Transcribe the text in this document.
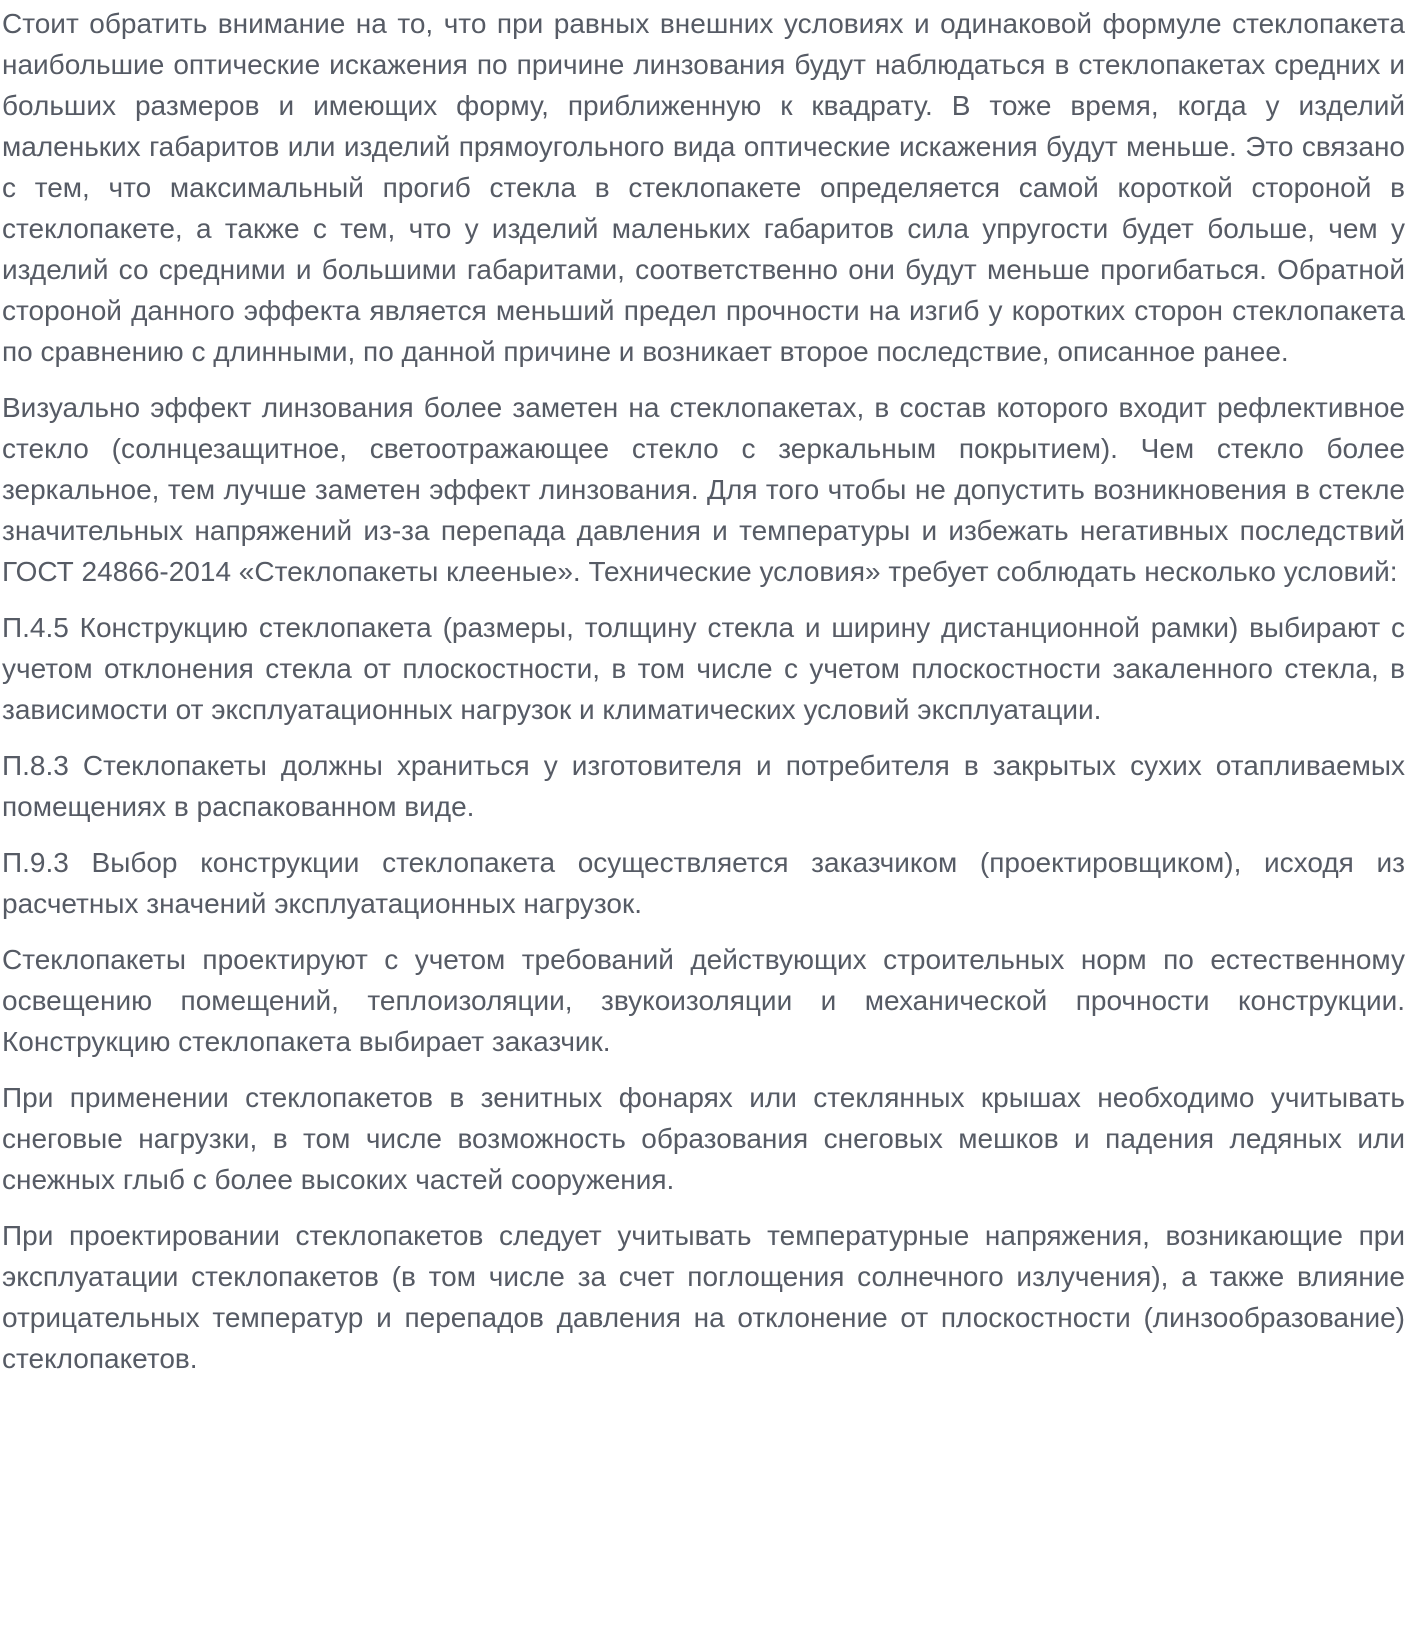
Стоит обратить внимание на то, что при равных внешних условиях и одинаковой формуле стеклопакета наибольшие оптические искажения по причине линзования будут наблюдаться в стеклопакетах средних и больших размеров и имеющих форму, приближенную к квадрату. В тоже время, когда у изделий маленьких габаритов или изделий прямоугольного вида оптические искажения будут меньше. Это связано с тем, что максимальный прогиб стекла в стеклопакете определяется самой короткой стороной в стеклопакете, а также с тем, что у изделий маленьких габаритов сила упругости будет больше, чем у изделий со средними и большими габаритами, соответственно они будут меньше прогибаться. Обратной стороной данного эффекта является меньший предел прочности на изгиб у коротких сторон стеклопакета по сравнению с длинными, по данной причине и возникает второе последствие, описанное ранее.

Визуально эффект линзования более заметен на стеклопакетах, в состав которого входит рефлективное стекло (солнцезащитное, светоотражающее стекло с зеркальным покрытием). Чем стекло более зеркальное, тем лучше заметен эффект линзования. Для того чтобы не допустить возникновения в стекле значительных напряжений из-за перепада давления и температуры и избежать негативных последствий ГОСТ 24866-2014 «Стеклопакеты клееные». Технические условия» требует соблюдать несколько условий:

П.4.5 Конструкцию стеклопакета (размеры, толщину стекла и ширину дистанционной рамки) выбирают с учетом отклонения стекла от плоскостности, в том числе с учетом плоскостности закаленного стекла, в зависимости от эксплуатационных нагрузок и климатических условий эксплуатации.

П.8.3 Стеклопакеты должны храниться у изготовителя и потребителя в закрытых сухих отапливаемых помещениях в распакованном виде.

П.9.3 Выбор конструкции стеклопакета осуществляется заказчиком (проектировщиком), исходя из расчетных значений эксплуатационных нагрузок.

Стеклопакеты проектируют с учетом требований действующих строительных норм по естественному освещению помещений, теплоизоляции, звукоизоляции и механической прочности конструкции. Конструкцию стеклопакета выбирает заказчик.

При применении стеклопакетов в зенитных фонарях или стеклянных крышах необходимо учитывать снеговые нагрузки, в том числе возможность образования снеговых мешков и падения ледяных или снежных глыб с более высоких частей сооружения.

При проектировании стеклопакетов следует учитывать температурные напряжения, возникающие при эксплуатации стеклопакетов (в том числе за счет поглощения солнечного излучения), а также влияние отрицательных температур и перепадов давления на отклонение от плоскостности (линзообразование) стеклопакетов.
